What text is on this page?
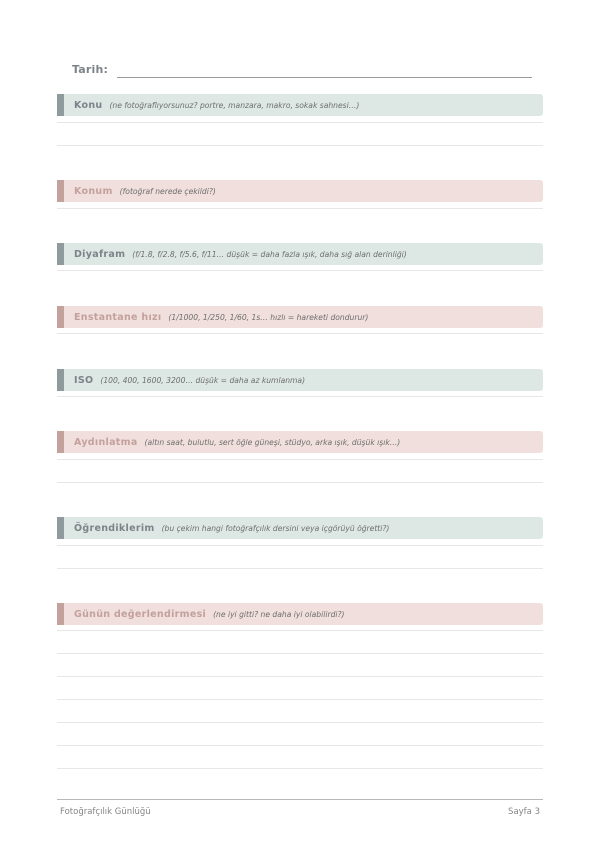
Tarih:
Konu (ne fotoğraflıyorsunuz? portre, manzara, makro, sokak sahnesi…)
Konum (fotoğraf nerede çekildi?)
Diyafram (f/1.8, f/2.8, f/5.6, f/11… düşük = daha fazla ışık, daha sığ alan derinliği)
Enstantane hızı (1/1000, 1/250, 1/60, 1s… hızlı = hareketi dondurur)
ISO (100, 400, 1600, 3200… düşük = daha az kumlanma)
Aydınlatma (altın saat, bulutlu, sert öğle güneşi, stüdyo, arka ışık, düşük ışık…)
Öğrendiklerim (bu çekim hangi fotoğrafçılık dersini veya içgörüyü öğretti?)
Günün değerlendirmesi (ne iyi gitti? ne daha iyi olabilirdi?)
Fotoğrafçılık Günlüğü	Sayfa 3
